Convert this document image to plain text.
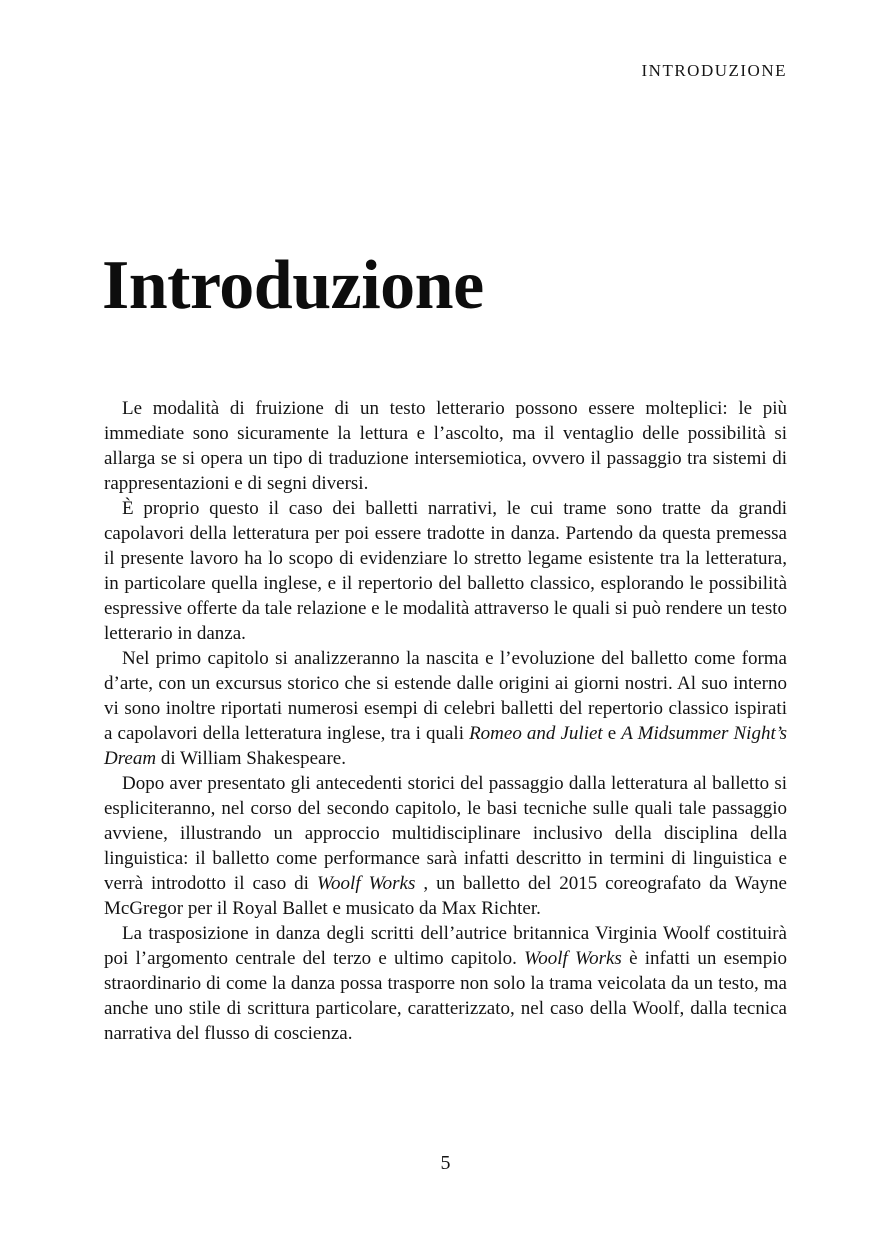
INTRODUZIONE
Introduzione

Le modalità di fruizione di un testo letterario possono essere molteplici: le più immediate sono sicuramente la lettura e l’ascolto, ma il ventaglio delle possibilità si allarga se si opera un tipo di traduzione intersemiotica, ovvero il passaggio tra sistemi di rappresentazioni e di segni diversi.

È proprio questo il caso dei balletti narrativi, le cui trame sono tratte da grandi capolavori della letteratura per poi essere tradotte in danza. Partendo da questa premessa il presente lavoro ha lo scopo di evidenziare lo stretto legame esistente tra la letteratura, in particolare quella inglese, e il repertorio del balletto classico, esplorando le possibilità espressive offerte da tale relazione e le modalità attraverso le quali si può rendere un testo letterario in danza.

Nel primo capitolo si analizzeranno la nascita e l’evoluzione del balletto come forma d’arte, con un excursus storico che si estende dalle origini ai giorni nostri. Al suo interno vi sono inoltre riportati numerosi esempi di celebri balletti del repertorio classico ispirati a capolavori della letteratura inglese, tra i quali Romeo and Juliet e A Midsummer Night’s Dream di William Shakespeare.

Dopo aver presentato gli antecedenti storici del passaggio dalla letteratura al balletto si espliciteranno, nel corso del secondo capitolo, le basi tecniche sulle quali tale passaggio avviene, illustrando un approccio multidisciplinare inclusivo della disciplina della linguistica: il balletto come performance sarà infatti descritto in termini di linguistica e verrà introdotto il caso di Woolf Works , un balletto del 2015 coreografato da Wayne McGregor per il Royal Ballet e musicato da Max Richter.

La trasposizione in danza degli scritti dell’autrice britannica Virginia Woolf costituirà poi l’argomento centrale del terzo e ultimo capitolo. Woolf Works è infatti un esempio straordinario di come la danza possa trasporre non solo la trama veicolata da un testo, ma anche uno stile di scrittura particolare, caratterizzato, nel caso della Woolf, dalla tecnica narrativa del flusso di coscienza.

5
